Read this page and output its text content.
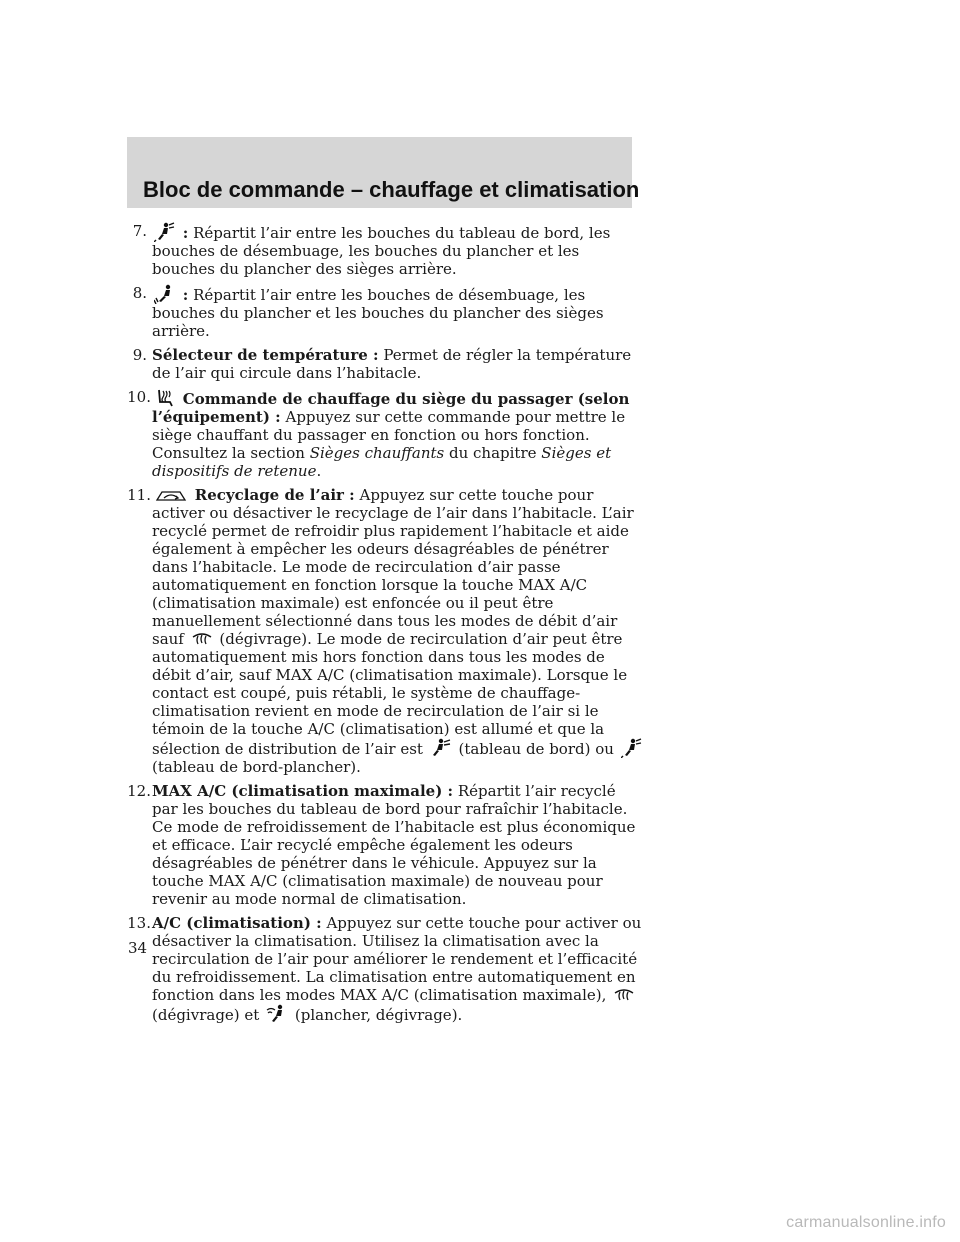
Bloc de commande – chauffage et climatisation
7.	: Répartit l’air entre les bouches du tableau de bord, les bouches de désembuage, les bouches du plancher et les bouches du plancher des sièges arrière.

8.	: Répartit l’air entre les bouches de désembuage, les bouches du plancher et les bouches du plancher des sièges arrière.

9. Sélecteur de température : Permet de régler la température de l’air qui circule dans l’habitacle.

10.	Commande de chauffage du siège du passager (selon l’équipement) : Appuyez sur cette commande pour mettre le siège chauffant du passager en fonction ou hors fonction. Consultez la section Sièges chauffants du chapitre Sièges et dispositifs de retenue.

11.	Recyclage de l’air : Appuyez sur cette touche pour activer ou désactiver le recyclage de l’air dans l’habitacle. L’air recyclé permet de refroidir plus rapidement l’habitacle et aide également à empêcher les odeurs désagréables de pénétrer dans l’habitacle. Le mode de recirculation d’air passe automatiquement en fonction lorsque la touche MAX A/C (climatisation maximale) est enfoncée ou il peut être manuellement sélectionné dans tous les modes de débit d’air sauf (dégivrage). Le mode de recirculation d’air peut être automatiquement mis hors fonction dans tous les modes de débit d’air, sauf MAX A/C (climatisation maximale). Lorsque le contact est coupé, puis rétabli, le système de chauffage-climatisation revient en mode de recirculation de l’air si le témoin de la touche A/C (climatisation) est allumé et que la sélection de distribution de l’air est (tableau de bord) ou
(tableau de bord-plancher).

12. MAX A/C (climatisation maximale) : Répartit l’air recyclé par les bouches du tableau de bord pour rafraîchir l’habitacle. Ce mode de refroidissement de l’habitacle est plus économique et efficace. L’air recyclé empêche également les odeurs désagréables de pénétrer dans le véhicule. Appuyez sur la touche MAX A/C (climatisation maximale) de nouveau pour revenir au mode normal de climatisation.

13. A/C (climatisation) : Appuyez sur cette touche pour activer ou désactiver la climatisation. Utilisez la climatisation avec la recirculation de l’air pour améliorer le rendement et l’efficacité du refroidissement. La climatisation entre automatiquement en fonction dans les modes MAX A/C (climatisation maximale),
(dégivrage) et (plancher, dégivrage).

34
carmanualsonline.info
